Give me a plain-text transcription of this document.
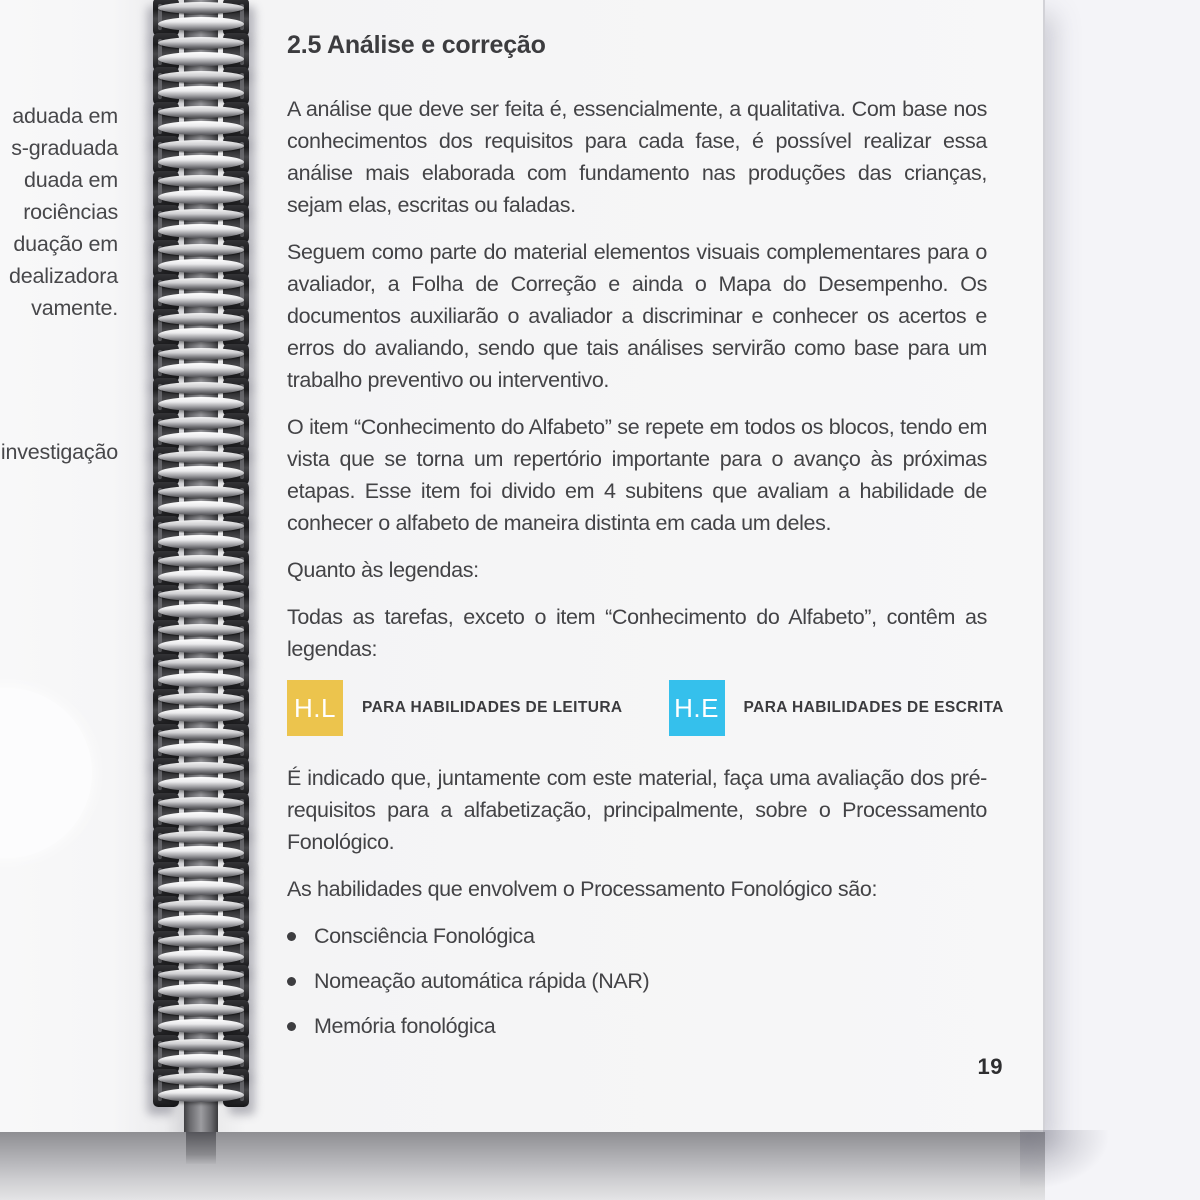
aduada em
s-graduada
duada em
rociências
duação em
dealizadora
vamente.
investigação
2.5 Análise e correção

A análise que deve ser feita é, essencialmente, a qualitativa. Com base nos conhecimentos dos requisitos para cada fase, é possível realizar essa análise mais elaborada com fundamento nas produções das crianças, sejam elas, escritas ou faladas.

Seguem como parte do material elementos visuais complementares para o avaliador, a Folha de Correção e ainda o Mapa do Desempenho. Os documentos auxiliarão o avaliador a discriminar e conhecer os acertos e erros do avaliando, sendo que tais análises servirão como base para um trabalho preventivo ou interventivo.

O item “Conhecimento do Alfabeto” se repete em todos os blocos, tendo em vista que se torna um repertório importante para o avanço às próximas etapas. Esse item foi divido em 4 subitens que avaliam a habilidade de conhecer o alfabeto de maneira distinta em cada um deles.

Quanto às legendas:

Todas as tarefas, exceto o item “Conhecimento do Alfabeto”, contêm as legendas:

H.L	PARA HABILIDADES DE LEITURA H.E	PARA HABILIDADES DE ESCRITA

É indicado que, juntamente com este material, faça uma avaliação dos pré-requisitos para a alfabetização, principalmente, sobre o Processamento Fonológico.

As habilidades que envolvem o Processamento Fonológico são:

Consciência Fonológica
Nomeação automática rápida (NAR)
Memória fonológica
19
